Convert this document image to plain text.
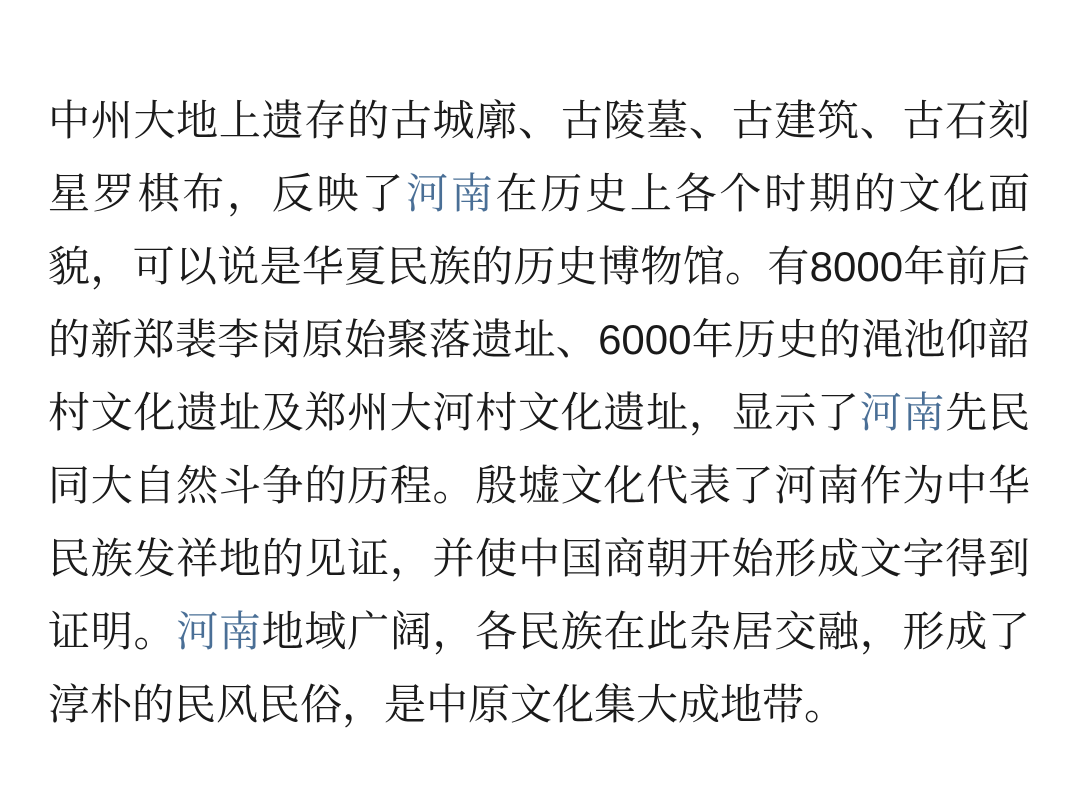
中州大地上遗存的古城廓、古陵墓、古建筑、古石刻星罗棋布，反映了河南在历史上各个时期的文化面貌，可以说是华夏民族的历史博物馆。有8000年前后的新郑裴李岗原始聚落遗址、6000年历史的渑池仰韶村文化遗址及郑州大河村文化遗址，显示了河南先民同大自然斗争的历程。殷墟文化代表了河南作为中华民族发祥地的见证，并使中国商朝开始形成文字得到证明。河南地域广阔，各民族在此杂居交融，形成了淳朴的民风民俗，是中原文化集大成地带。
